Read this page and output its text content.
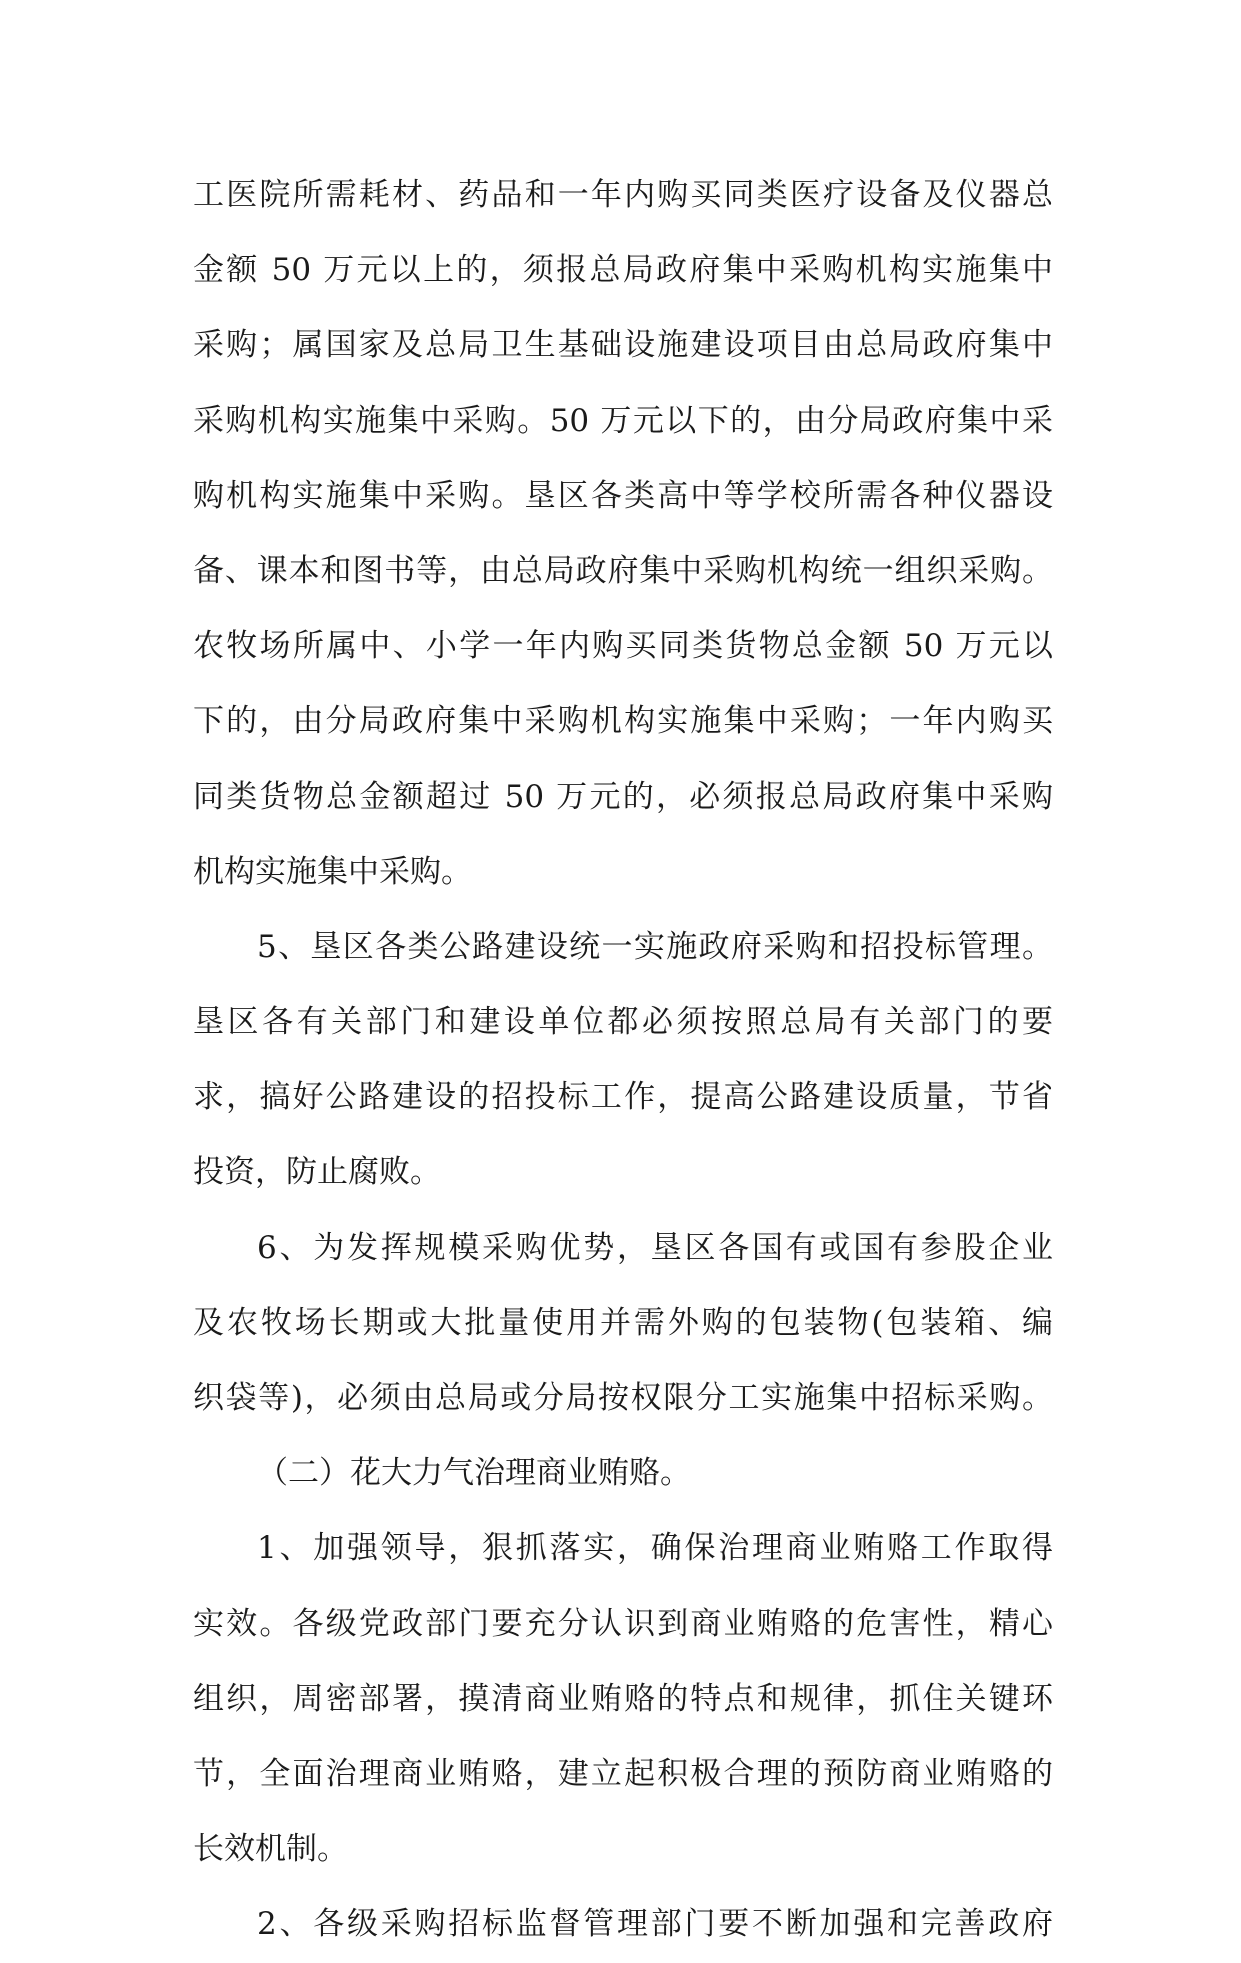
工医院所需耗材、药品和一年内购买同类医疗设备及仪器总
金额 50 万元以上的，须报总局政府集中采购机构实施集中
采购；属国家及总局卫生基础设施建设项目由总局政府集中
采购机构实施集中采购。50 万元以下的，由分局政府集中采
购机构实施集中采购。垦区各类高中等学校所需各种仪器设
备、课本和图书等，由总局政府集中采购机构统一组织采购。
农牧场所属中、小学一年内购买同类货物总金额 50 万元以
下的，由分局政府集中采购机构实施集中采购；一年内购买
同类货物总金额超过 50 万元的，必须报总局政府集中采购
机构实施集中采购。
5、垦区各类公路建设统一实施政府采购和招投标管理。
垦区各有关部门和建设单位都必须按照总局有关部门的要
求，搞好公路建设的招投标工作，提高公路建设质量，节省
投资，防止腐败。
6、为发挥规模采购优势，垦区各国有或国有参股企业
及农牧场长期或大批量使用并需外购的包装物(包装箱、编
织袋等)，必须由总局或分局按权限分工实施集中招标采购。
（二）花大力气治理商业贿赂。
1、加强领导，狠抓落实，确保治理商业贿赂工作取得
实效。各级党政部门要充分认识到商业贿赂的危害性，精心
组织，周密部署，摸清商业贿赂的特点和规律，抓住关键环
节，全面治理商业贿赂，建立起积极合理的预防商业贿赂的
长效机制。
2、各级采购招标监督管理部门要不断加强和完善政府
